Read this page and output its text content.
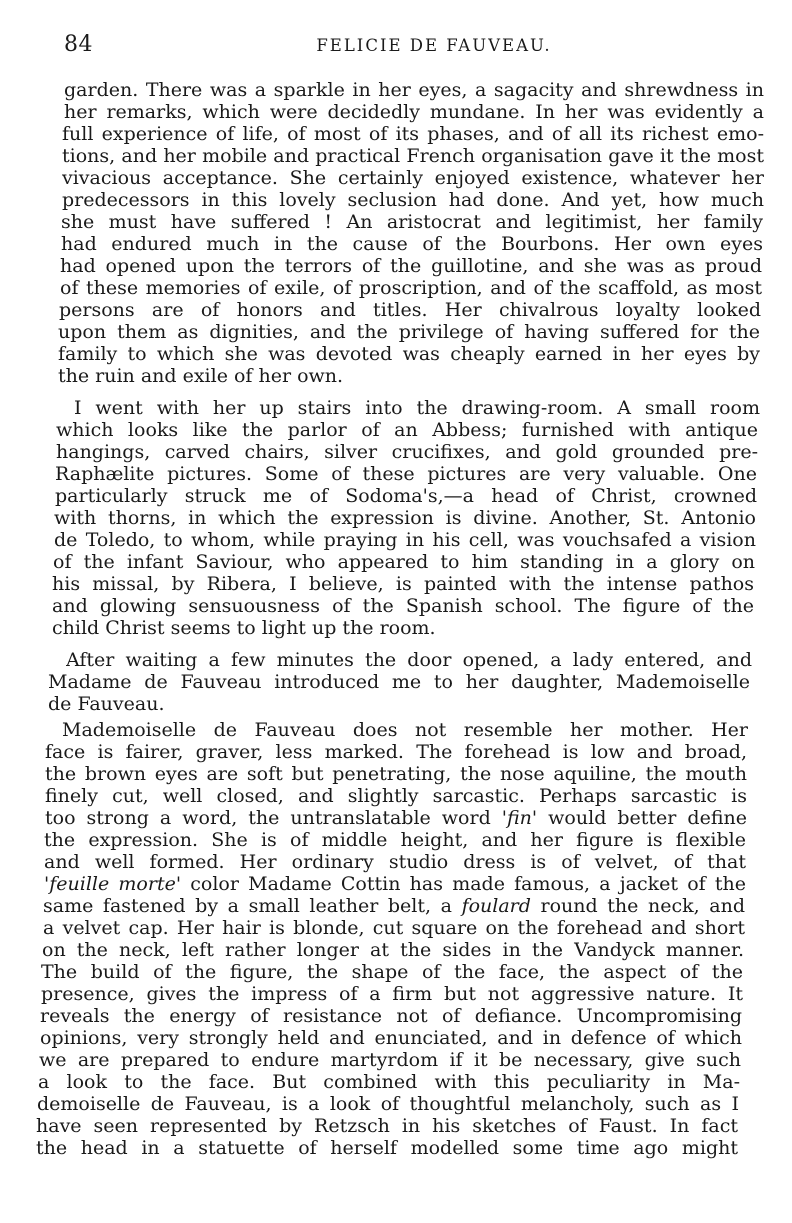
84	FELICIE DE FAUVEAU.
garden. There was a sparkle in her eyes, a sagacity and shrewdness in
her remarks, which were decidedly mundane. In her was evidently a
full experience of life, of most of its phases, and of all its richest emo-
tions, and her mobile and practical French organisation gave it the most
vivacious acceptance. She certainly enjoyed existence, whatever her
predecessors in this lovely seclusion had done. And yet, how much
she must have suffered ! An aristocrat and legitimist, her family
had endured much in the cause of the Bourbons. Her own eyes
had opened upon the terrors of the guillotine, and she was as proud
of these memories of exile, of proscription, and of the scaffold, as most
persons are of honors and titles. Her chivalrous loyalty looked
upon them as dignities, and the privilege of having suffered for the
family to which she was devoted was cheaply earned in her eyes by
the ruin and exile of her own.
I went with her up stairs into the drawing-room. A small room
which looks like the parlor of an Abbess; furnished with antique
hangings, carved chairs, silver crucifixes, and gold grounded pre-
Raphælite pictures. Some of these pictures are very valuable. One
particularly struck me of Sodoma's,—a head of Christ, crowned
with thorns, in which the expression is divine. Another, St. Antonio
de Toledo, to whom, while praying in his cell, was vouchsafed a vision
of the infant Saviour, who appeared to him standing in a glory on
his missal, by Ribera, I believe, is painted with the intense pathos
and glowing sensuousness of the Spanish school. The figure of the
child Christ seems to light up the room.
After waiting a few minutes the door opened, a lady entered, and
Madame de Fauveau introduced me to her daughter, Mademoiselle
de Fauveau.
Mademoiselle de Fauveau does not resemble her mother. Her
face is fairer, graver, less marked. The forehead is low and broad,
the brown eyes are soft but penetrating, the nose aquiline, the mouth
finely cut, well closed, and slightly sarcastic. Perhaps sarcastic is
too strong a word, the untranslatable word 'fin' would better define
the expression. She is of middle height, and her figure is flexible
and well formed. Her ordinary studio dress is of velvet, of that
'feuille morte' color Madame Cottin has made famous, a jacket of the
same fastened by a small leather belt, a foulard round the neck, and
a velvet cap. Her hair is blonde, cut square on the forehead and short
on the neck, left rather longer at the sides in the Vandyck manner.
The build of the figure, the shape of the face, the aspect of the
presence, gives the impress of a firm but not aggressive nature. It
reveals the energy of resistance not of defiance. Uncompromising
opinions, very strongly held and enunciated, and in defence of which
we are prepared to endure martyrdom if it be necessary, give such
a look to the face. But combined with this peculiarity in Ma-
demoiselle de Fauveau, is a look of thoughtful melancholy, such as I
have seen represented by Retzsch in his sketches of Faust. In fact
the head in a statuette of herself modelled some time ago might
